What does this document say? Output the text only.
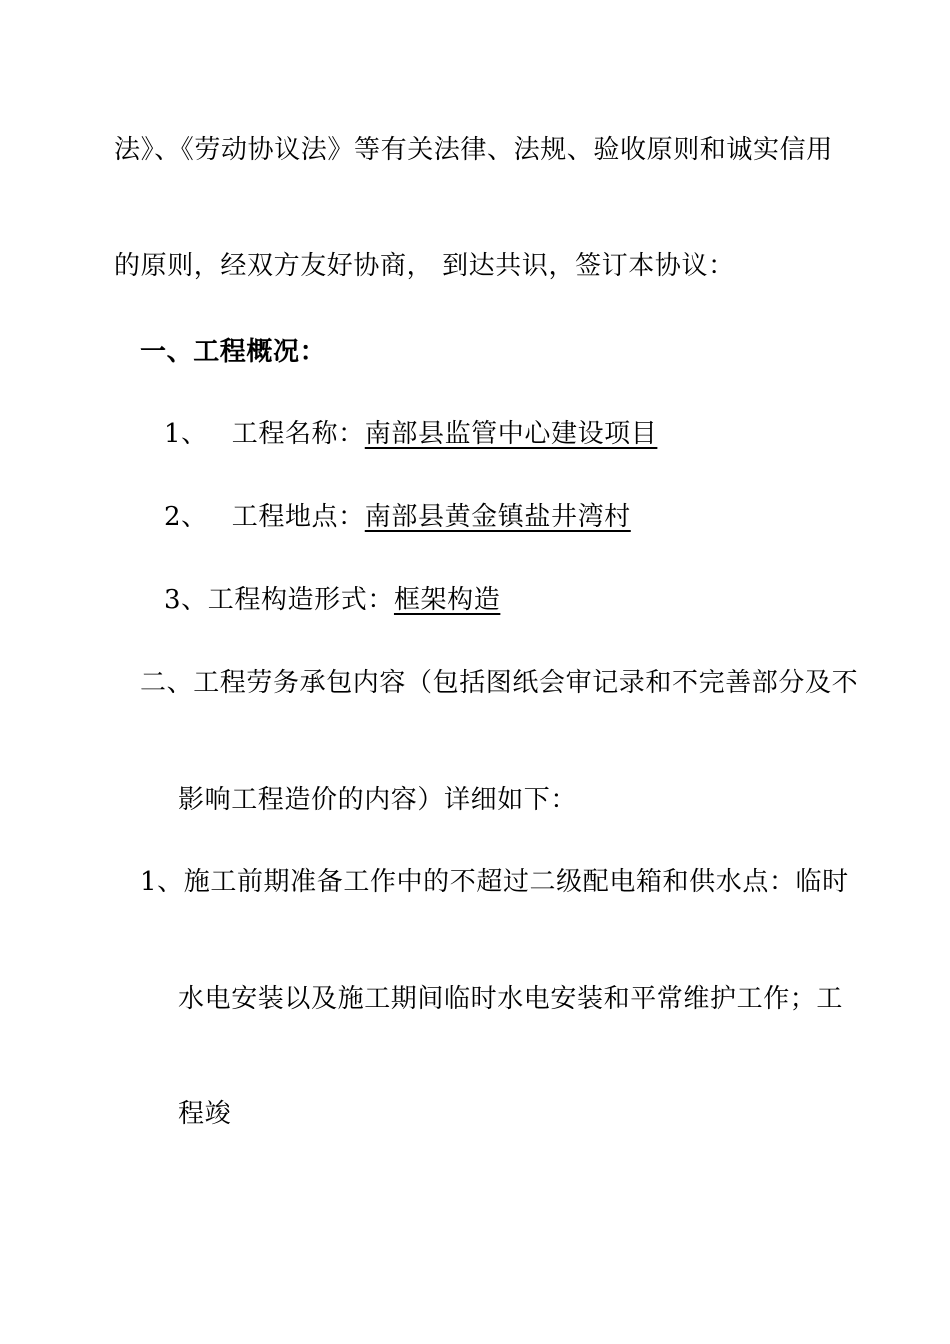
法》、《劳动协议法》等有关法律、法规、验收原则和诚实信用
的原则，经双方友好协商， 到达共识，签订本协议：
一、工程概况：
1、 工程名称：南部县监管中心建设项目
2、 工程地点：南部县黄金镇盐井湾村
3、工程构造形式：框架构造
二、工程劳务承包内容（包括图纸会审记录和不完善部分及不
影响工程造价的内容）详细如下：
1、施工前期准备工作中的不超过二级配电箱和供水点：临时
水电安装以及施工期间临时水电安装和平常维护工作；工
程竣
